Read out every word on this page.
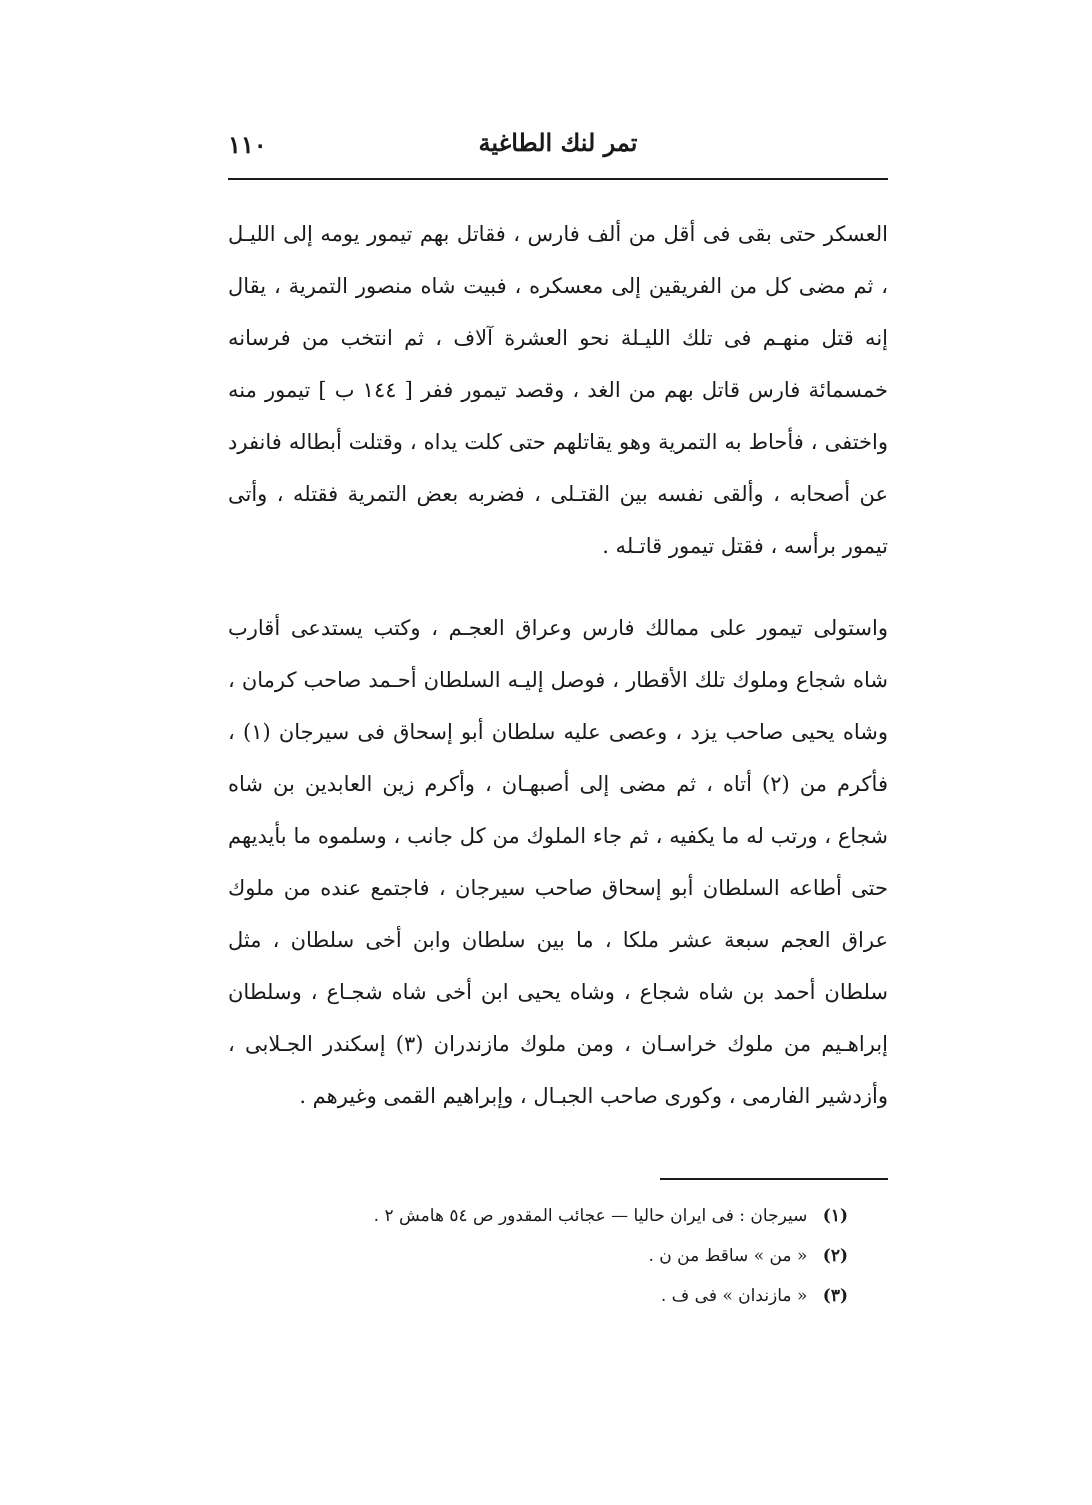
تمر لنك الطاغية
١١٠

العسكر حتى بقى فى أقل من ألف فارس ، فقاتل بهم تيمور يومه إلى الليـل ، ثم مضى كل من الفريقين إلى معسكره ، فبيت شاه منصور التمرية ، يقال إنه قتل منهـم فى تلك الليـلة نحو العشرة آلاف ، ثم انتخب من فرسانه خمسمائة فارس قاتل بهم من الغد ، وقصد تيمور ففر [ ١٤٤ ب ] تيمور منه واختفى ، فأحاط به التمرية وهو يقاتلهم حتى كلت يداه ، وقتلت أبطاله فانفرد عن أصحابه ، وألقى نفسه بين القتـلى ، فضربه بعض التمرية فقتله ، وأتى تيمور برأسه ، فقتل تيمور قاتـله .

واستولى تيمور على ممالك فارس وعراق العجـم ، وكتب يستدعى أقارب شاه شجاع وملوك تلك الأقطار ، فوصل إليـه السلطان أحـمد صاحب كرمان ، وشاه يحيى صاحب يزد ، وعصى عليه سلطان أبو إسحاق فى سيرجان (١) ، فأكرم من (٢) أتاه ، ثم مضى إلى أصبهـان ، وأكرم زين العابدين بن شاه شجاع ، ورتب له ما يكفيه ، ثم جاء الملوك من كل جانب ، وسلموه ما بأيديهم حتى أطاعه السلطان أبو إسحاق صاحب سيرجان ، فاجتمع عنده من ملوك عراق العجم سبعة عشر ملكا ، ما بين سلطان وابن أخى سلطان ، مثل سلطان أحمد بن شاه شجاع ، وشاه يحيى ابن أخى شاه شجـاع ، وسلطان إبراهـيم من ملوك خراسـان ، ومن ملوك مازندران (٣) إسكندر الجـلابى ، وأزدشير الفارمى ، وكورى صاحب الجبـال ، وإبراهيم القمى وغيرهم .

(١) سيرجان : فى ايران حاليا — عجائب المقدور ص ٥٤ هامش ٢ .
(٢) « من » ساقط من ن .
(٣) « مازندان » فى ف .
